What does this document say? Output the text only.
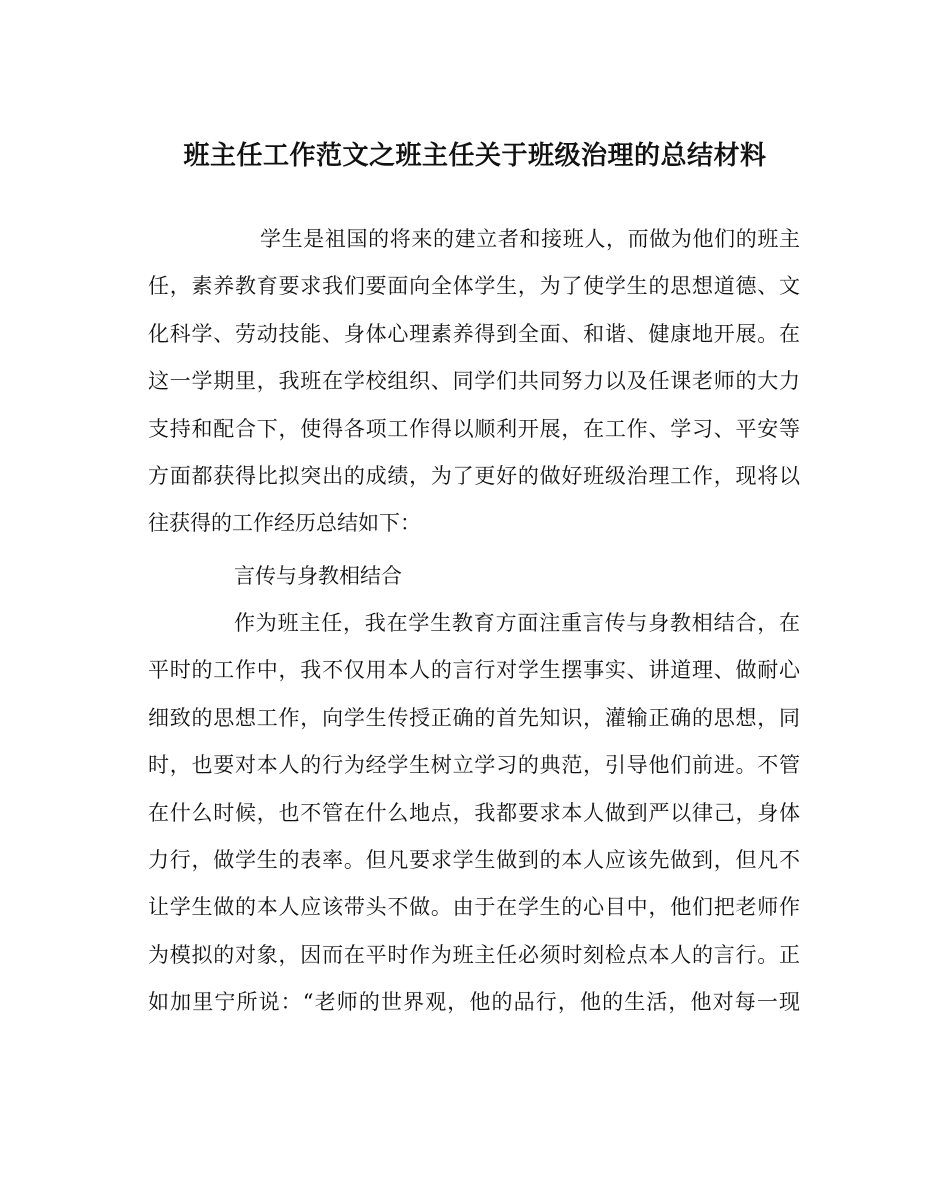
班主任工作范文之班主任关于班级治理的总结材料
学生是祖国的将来的建立者和接班人，而做为他们的班主
任，素养教育要求我们要面向全体学生，为了使学生的思想道德、文
化科学、劳动技能、身体心理素养得到全面、和谐、健康地开展。在
这一学期里，我班在学校组织、同学们共同努力以及任课老师的大力
支持和配合下，使得各项工作得以顺利开展，在工作、学习、平安等
方面都获得比拟突出的成绩，为了更好的做好班级治理工作，现将以
往获得的工作经历总结如下：
言传与身教相结合
作为班主任，我在学生教育方面注重言传与身教相结合，在
平时的工作中，我不仅用本人的言行对学生摆事实、讲道理、做耐心
细致的思想工作，向学生传授正确的首先知识，灌输正确的思想，同
时，也要对本人的行为经学生树立学习的典范，引导他们前进。不管
在什么时候，也不管在什么地点，我都要求本人做到严以律己，身体
力行，做学生的表率。但凡要求学生做到的本人应该先做到，但凡不
让学生做的本人应该带头不做。由于在学生的心目中，他们把老师作
为模拟的对象，因而在平时作为班主任必须时刻检点本人的言行。正
如加里宁所说：“老师的世界观，他的品行，他的生活，他对每一现
